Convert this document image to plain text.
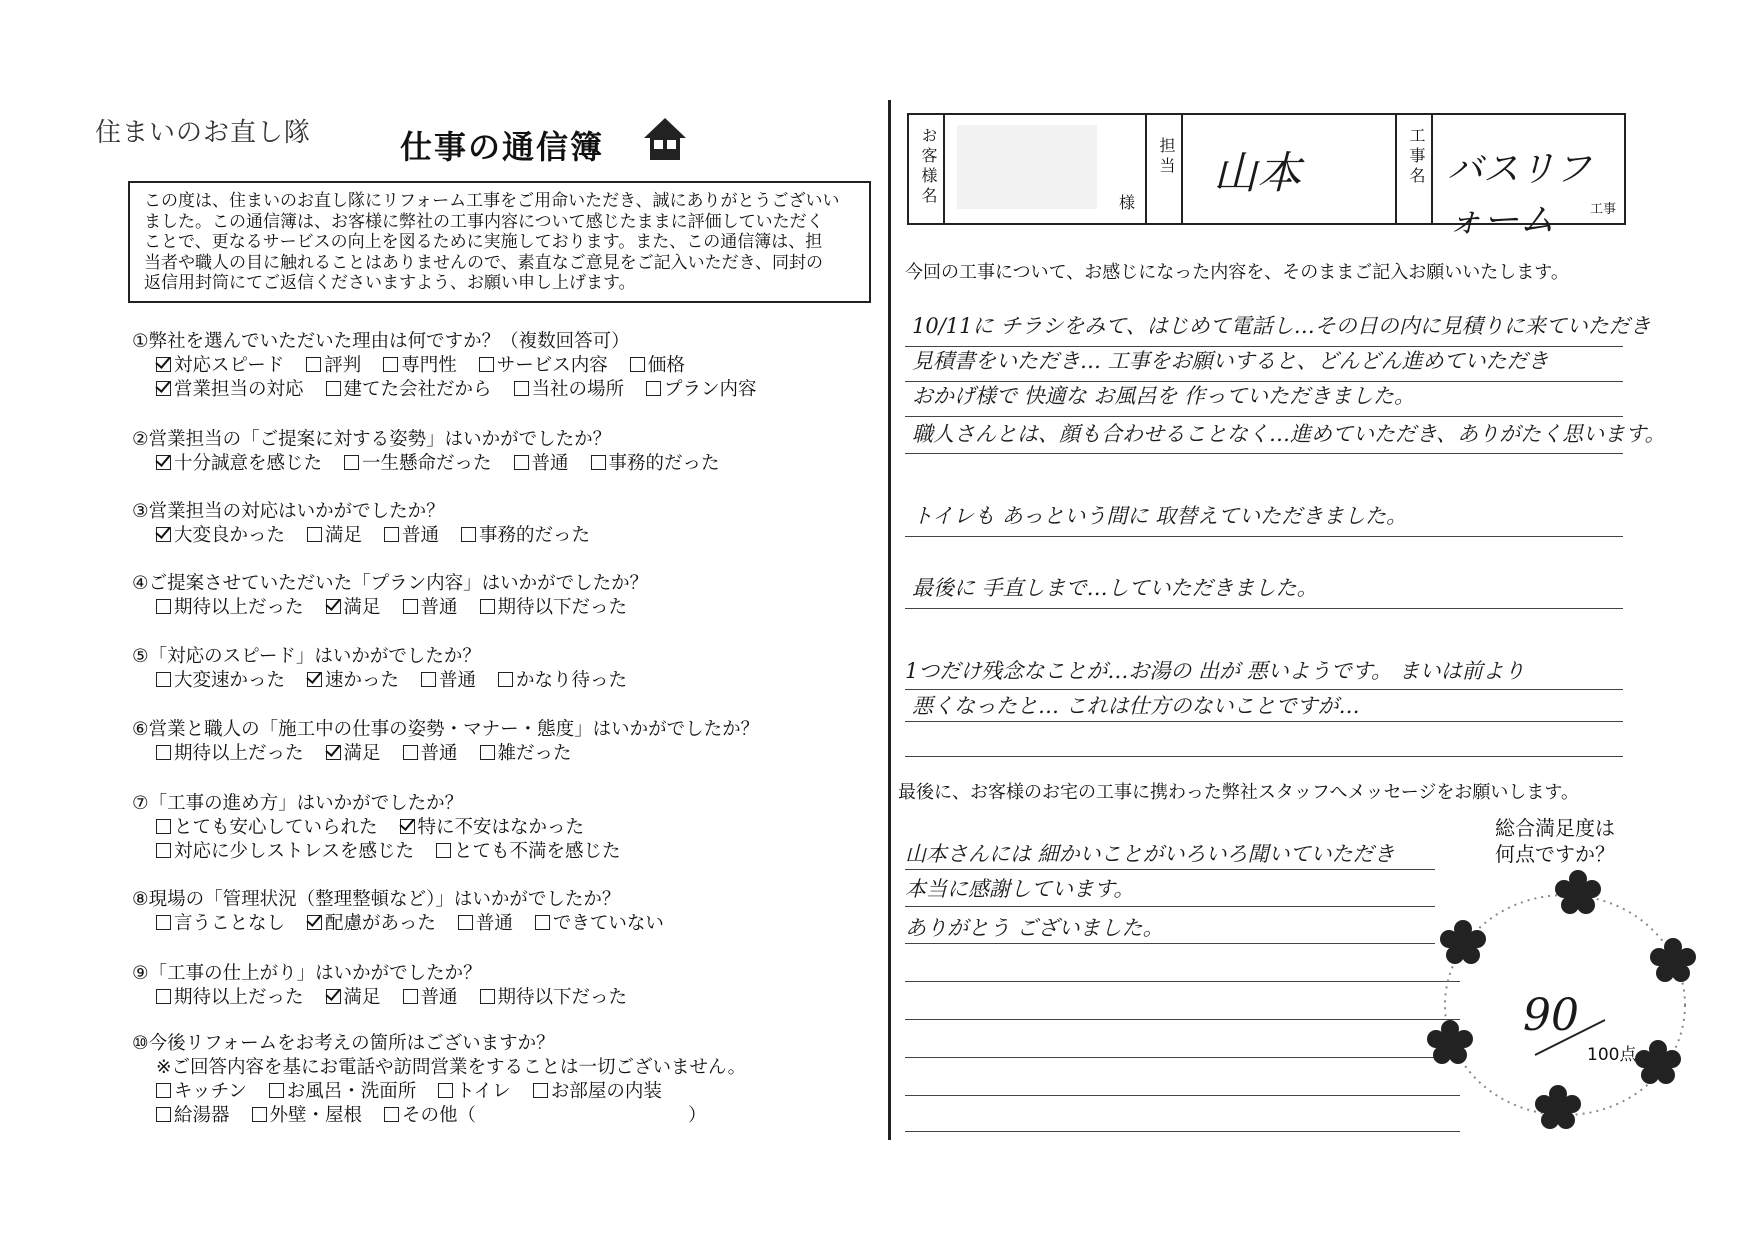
住まいのお直し隊	仕事の通信簿
この度は、住まいのお直し隊にリフォーム工事をご用命いただき、誠にありがとうございい
ました。この通信簿は、お客様に弊社の工事内容について感じたままに評価していただく
ことで、更なるサービスの向上を図るために実施しております。また、この通信簿は、担
当者や職人の目に触れることはありませんので、素直なご意見をご記入いただき、同封の
返信用封筒にてご返信くださいますよう、お願い申し上げます。
①弊社を選んでいただいた理由は何ですか？（複数回答可）
対応スピード 評判 専門性 サービス内容 価格
営業担当の対応 建てた会社だから 当社の場所 プラン内容
②営業担当の「ご提案に対する姿勢」はいかがでしたか？
十分誠意を感じた 一生懸命だった 普通 事務的だった
③営業担当の対応はいかがでしたか？
大変良かった 満足 普通 事務的だった
④ご提案させていただいた「プラン内容」はいかがでしたか？
期待以上だった 満足 普通 期待以下だった
⑤「対応のスピード」はいかがでしたか？
大変速かった 速かった 普通 かなり待った
⑥営業と職人の「施工中の仕事の姿勢・マナー・態度」はいかがでしたか？
期待以上だった 満足 普通 雑だった
⑦「工事の進め方」はいかがでしたか？
とても安心していられた 特に不安はなかった
対応に少しストレスを感じた とても不満を感じた
⑧現場の「管理状況（整理整頓など）」はいかがでしたか？
言うことなし 配慮があった 普通 できていない
⑨「工事の仕上がり」はいかがでしたか？
期待以上だった 満足 普通 期待以下だった
⑩今後リフォームをお考えの箇所はございますか？
※ご回答内容を基にお電話や訪問営業をすることは一切ございません。
キッチン お風呂・洗面所 トイレ お部屋の内装
給湯器 外壁・屋根 その他（	）
お客様名	様
担当 山本	工事名 バスリフォーム	工事
今回の工事について、お感じになった内容を、そのままご記入お願いいたします。
10/11に チラシをみて、はじめて電話し…その日の内に見積りに来ていただき
見積書をいただき… 工事をお願いすると、どんどん進めていただき
おかげ様で 快適な お風呂を 作っていただきました。
職人さんとは、顔も合わせることなく…進めていただき、ありがたく思います。
トイレも あっという間に 取替えていただきました。
最後に 手直しまで…していただきました。
1つだけ残念なことが…お湯の 出が 悪いようです。 まいは前より
悪くなったと… これは仕方のないことですが…
最後に、お客様のお宅の工事に携わった弊社スタッフへメッセージをお願いします。
山本さんには 細かいことがいろいろ聞いていただき
本当に感謝しています。
ありがとう ございました。
総合満足度は
何点ですか？
90
100点
